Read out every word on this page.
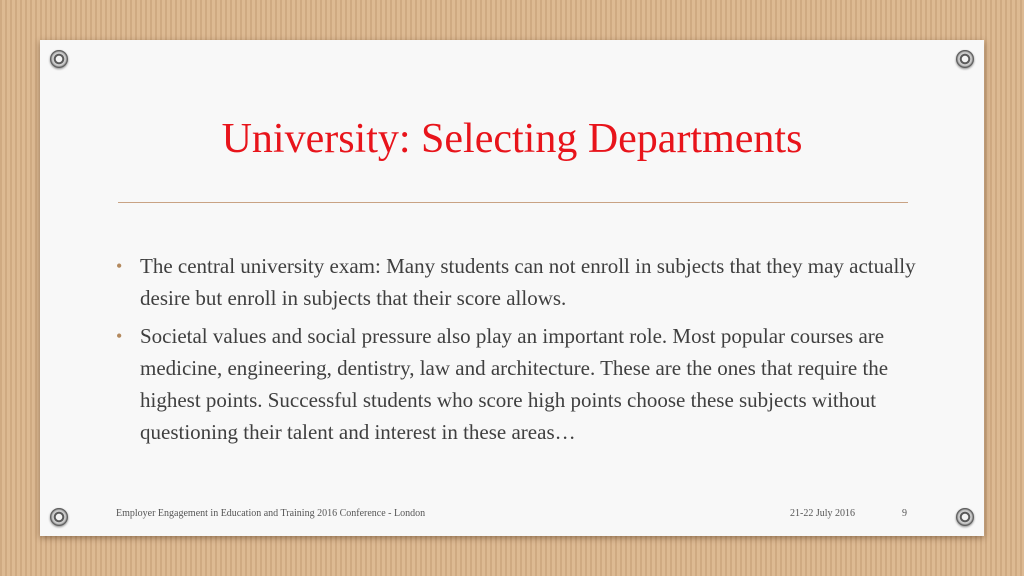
University: Selecting Departments
• The central university exam: Many students can not enroll in subjects that they may actually desire but enroll in subjects that their score allows.
• Societal values and social pressure also play an important role. Most popular courses are medicine, engineering, dentistry, law and architecture. These are the ones that require the highest points. Successful students who score high points choose these subjects without questioning their talent and interest in these areas…
Employer Engagement in Education and Training 2016 Conference - London	21-22 July 2016	9
